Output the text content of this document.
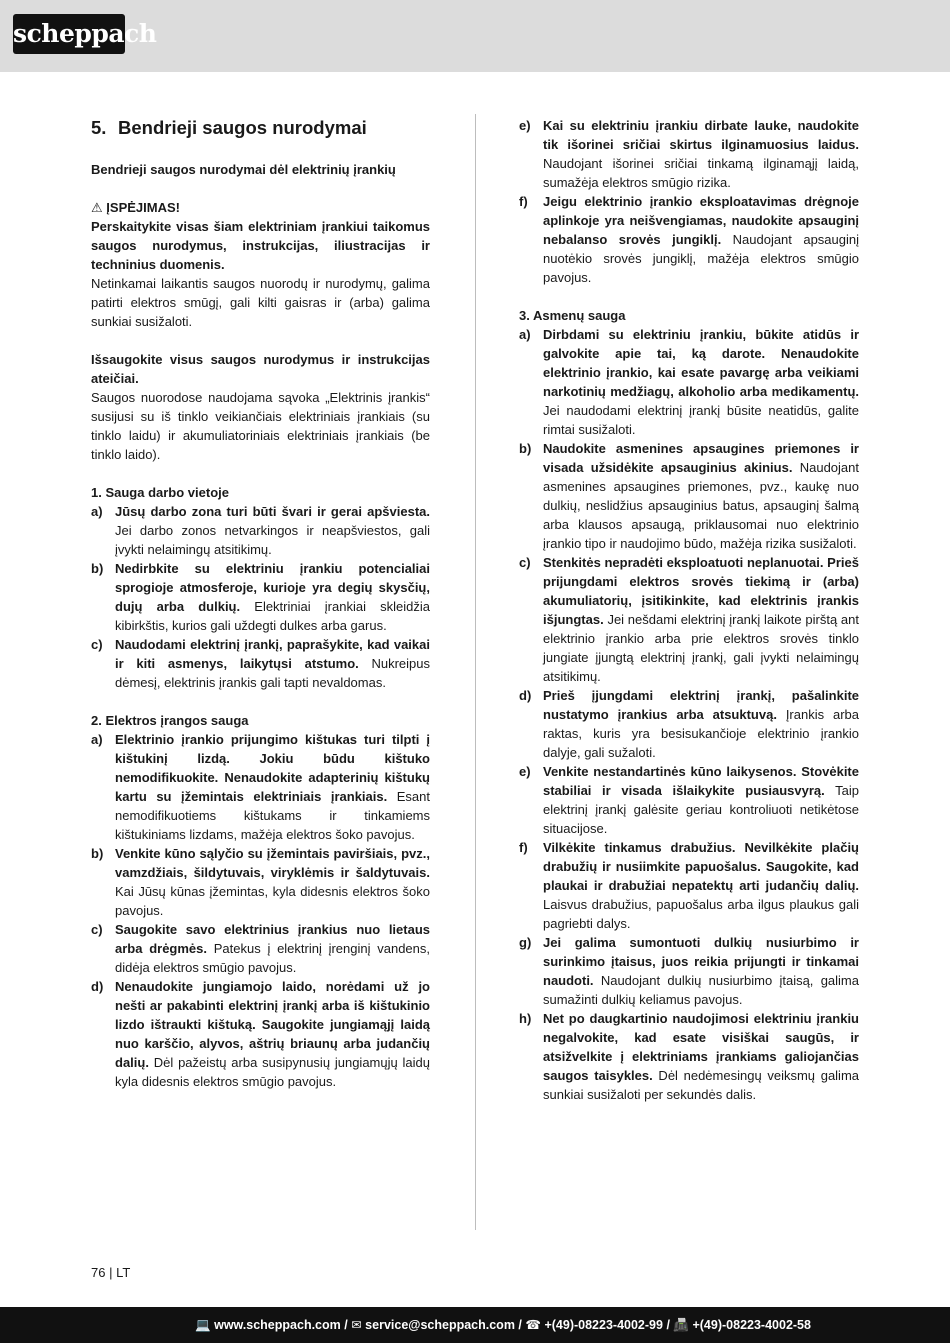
scheppach
5. Bendrieji saugos nurodymai

Bendrieji saugos nurodymai dėl elektrinių įrankių

⚠ ĮSPĖJIMAS!

Perskaitykite visas šiam elektriniam įrankiui taikomus saugos nurodymus, instrukcijas, iliustracijas ir techninius duomenis.

Netinkamai laikantis saugos nuorodų ir nurodymų, galima patirti elektros smūgį, gali kilti gaisras ir (arba) galima sunkiai susižaloti.

Išsaugokite visus saugos nurodymus ir instrukcijas ateičiai.

Saugos nuorodose naudojama sąvoka „Elektrinis įrankis“ susijusi su iš tinklo veikiančiais elektriniais įrankiais (su tinklo laidu) ir akumuliatoriniais elektriniais įrankiais (be tinklo laido).

1. Sauga darbo vietoje

a) Jūsų darbo zona turi būti švari ir gerai apšviesta. Jei darbo zonos netvarkingos ir neapšviestos, gali įvykti nelaimingų atsitikimų.
b) Nedirbkite su elektriniu įrankiu potencialiai sprogioje atmosferoje, kurioje yra degių skysčių, dujų arba dulkių. Elektriniai įrankiai skleidžia kibirkštis, kurios gali uždegti dulkes arba garus.
c) Naudodami elektrinį įrankį, paprašykite, kad vaikai ir kiti asmenys, laikytųsi atstumo. Nukreipus dėmesį, elektrinis įrankis gali tapti nevaldomas.

2. Elektros įrangos sauga

a) Elektrinio įrankio prijungimo kištukas turi tilpti į kištukinį lizdą. Jokiu būdu kištuko nemodifikuokite. Nenaudokite adapterinių kištukų kartu su įžemintais elektriniais įrankiais. Esant nemodifikuotiems kištukams ir tinkamiems kištukiniams lizdams, mažėja elektros šoko pavojus.
b) Venkite kūno sąlyčio su įžemintais paviršiais, pvz., vamzdžiais, šildytuvais, viryklėmis ir šaldytuvais. Kai Jūsų kūnas įžemintas, kyla didesnis elektros šoko pavojus.
c) Saugokite savo elektrinius įrankius nuo lietaus arba drėgmės. Patekus į elektrinį įrenginį vandens, didėja elektros smūgio pavojus.
d) Nenaudokite jungiamojo laido, norėdami už jo nešti ar pakabinti elektrinį įrankį arba iš kištukinio lizdo ištraukti kištuką. Saugokite jungiamąjį laidą nuo karščio, alyvos, aštrių briaunų arba judančių dalių. Dėl pažeistų arba susipynusių jungiamųjų laidų kyla didesnis elektros smūgio pavojus.
e) Kai su elektriniu įrankiu dirbate lauke, naudokite tik išorinei sričiai skirtus ilginamuosius laidus. Naudojant išorinei sričiai tinkamą ilginamąjį laidą, sumažėja elektros smūgio rizika.
f)	Jeigu elektrinio įrankio eksploatavimas drėgnoje aplinkoje yra neišvengiamas, naudokite apsauginį nebalanso srovės jungiklį. Naudojant apsauginį nuotėkio srovės jungiklį, mažėja elektros smūgio pavojus.

3. Asmenų sauga

a) Dirbdami su elektriniu įrankiu, būkite atidūs ir galvokite apie tai, ką darote. Nenaudokite elektrinio įrankio, kai esate pavargę arba veikiami narkotinių medžiagų, alkoholio arba medikamentų. Jei naudodami elektrinį įrankį būsite neatidūs, galite rimtai susižaloti.
b) Naudokite asmenines apsaugines priemones ir visada užsidėkite apsauginius akinius. Naudojant asmenines apsaugines priemones, pvz., kaukę nuo dulkių, neslidžius apsauginius batus, apsauginį šalmą arba klausos apsaugą, priklausomai nuo elektrinio įrankio tipo ir naudojimo būdo, mažėja rizika susižaloti.
c) Stenkitės nepradėti eksploatuoti neplanuotai. Prieš prijungdami elektros srovės tiekimą ir (arba) akumuliatorių, įsitikinkite, kad elektrinis įrankis išjungtas. Jei nešdami elektrinį įrankį laikote pirštą ant elektrinio įrankio arba prie elektros srovės tinklo jungiate įjungtą elektrinį įrankį, gali įvykti nelaimingų atsitikimų.
d) Prieš įjungdami elektrinį įrankį, pašalinkite nustatymo įrankius arba atsuktuvą. Įrankis arba raktas, kuris yra besisukančioje elektrinio įrankio dalyje, gali sužaloti.
e) Venkite nestandartinės kūno laikysenos. Stovėkite stabiliai ir visada išlaikykite pusiausvyrą. Taip elektrinį įrankį galėsite geriau kontroliuoti netikėtose situacijose.
f)	Vilkėkite tinkamus drabužius. Nevilkėkite plačių drabužių ir nusiimkite papuošalus. Saugokite, kad plaukai ir drabužiai nepatektų arti judančių dalių. Laisvus drabužius, papuošalus arba ilgus plaukus gali pagriebti dalys.
g) Jei galima sumontuoti dulkių nusiurbimo ir surinkimo įtaisus, juos reikia prijungti ir tinkamai naudoti. Naudojant dulkių nusiurbimo įtaisą, galima sumažinti dulkių keliamus pavojus.
h) Net po daugkartinio naudojimosi elektriniu įrankiu negalvokite, kad esate visiškai saugūs, ir atsižvelkite į elektriniams įrankiams galiojančias saugos taisykles. Dėl nedėmesingų veiksmų galima sunkiai susižaloti per sekundės dalis.
76 | LT
💻 www.scheppach.com / ✉ service@scheppach.com / ☎ +(49)-08223-4002-99 / 📠 +(49)-08223-4002-58
